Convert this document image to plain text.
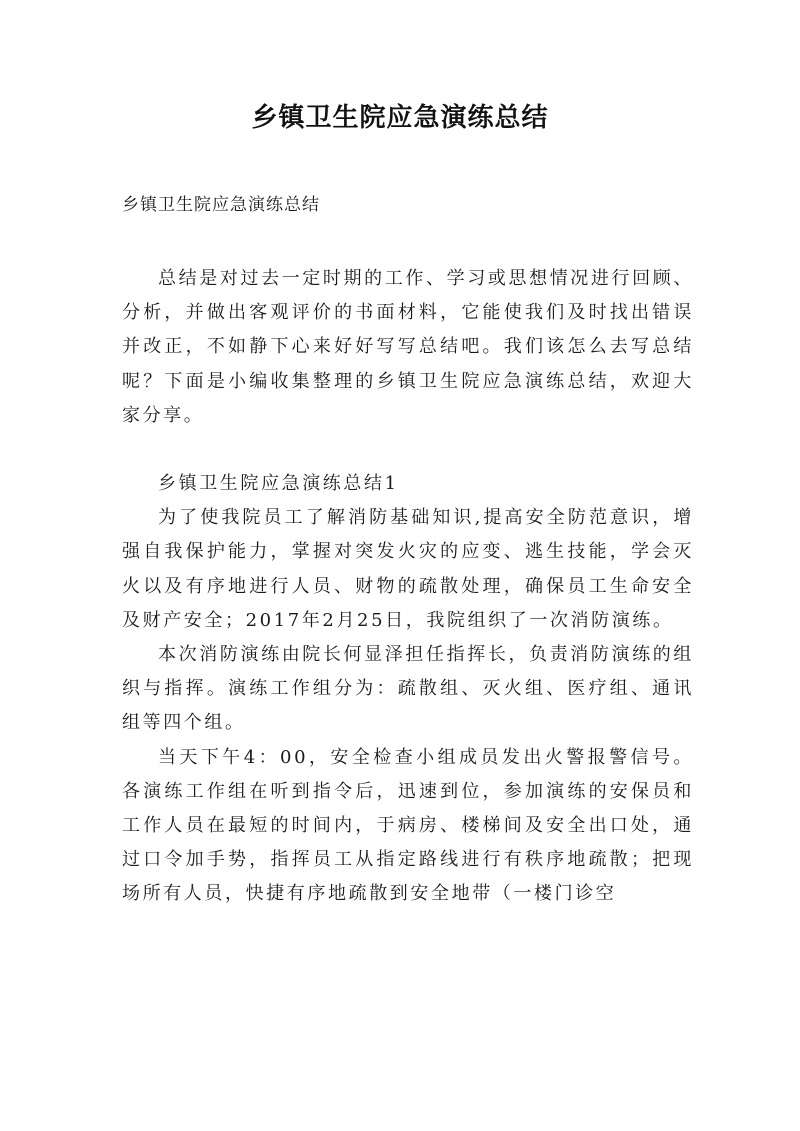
乡镇卫生院应急演练总结
乡镇卫生院应急演练总结

总结是对过去一定时期的工作、学习或思想情况进行回顾、分析，并做出客观评价的书面材料，它能使我们及时找出错误并改正，不如静下心来好好写写总结吧。我们该怎么去写总结呢？下面是小编收集整理的乡镇卫生院应急演练总结，欢迎大家分享。

乡镇卫生院应急演练总结1

为了使我院员工了解消防基础知识,提高安全防范意识，增强自我保护能力，掌握对突发火灾的应变、逃生技能，学会灭火以及有序地进行人员、财物的疏散处理，确保员工生命安全及财产安全；2017年2月25日，我院组织了一次消防演练。

本次消防演练由院长何显泽担任指挥长，负责消防演练的组织与指挥。演练工作组分为：疏散组、灭火组、医疗组、通讯组等四个组。

当天下午4：00，安全检查小组成员发出火警报警信号。各演练工作组在听到指令后，迅速到位，参加演练的安保员和工作人员在最短的时间内，于病房、楼梯间及安全出口处，通过口令加手势，指挥员工从指定路线进行有秩序地疏散；把现场所有人员，快捷有序地疏散到安全地带（一楼门诊空
